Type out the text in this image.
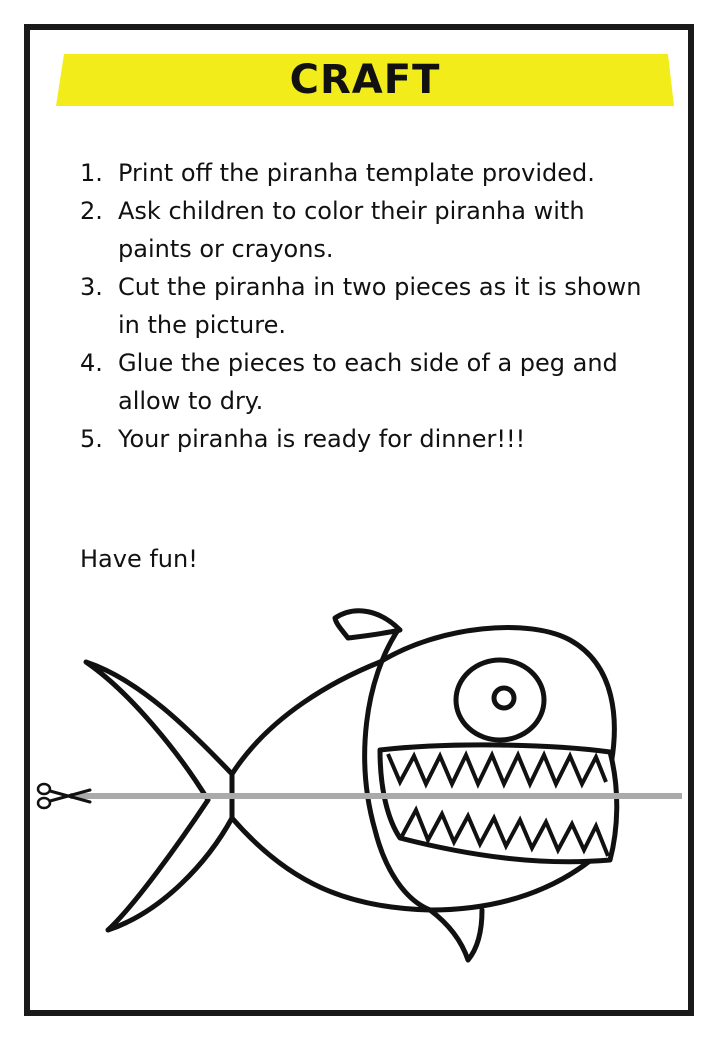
CRAFT
1. Print off the piranha template provided.
2. Ask children to color their piranha with paints or crayons.
3. Cut the piranha in two pieces as it is shown in the picture.
4. Glue the pieces to each side of a peg and allow to dry.
5. Your piranha is ready for dinner!!!
Have fun!
